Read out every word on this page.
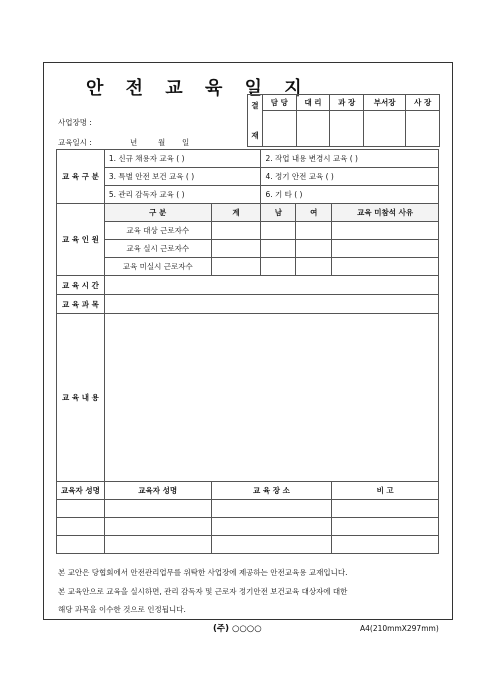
안 전 교 육 일 지
사업장명 :
교육일시 :	년	월 일
결

재	담 당	대 리	과 장	부서장	사 장

교 육 구 분	1. 신규 채용자 교육 ( )		2. 작업 내용 변경시 교육 ( )		
	3. 특별 안전 보건 교육 ( )		4. 정기 안전 교육 ( )		
	5. 관리 감독자 교육 ( )		6. 기 타 ( )		
교 육 인 원	구 분	계	남	여	교육 미참석 사유
	교육 대상 근로자수				
	교육 실시 근로자수				
	교육 미실시 근로자수				
교 육 시 간					
교 육 과 목					
교 육 내 용					
교육자 성명	교육자 성명	교 육 장 소			비 고

본 교안은 당협회에서 안전관리업무를 위탁한 사업장에 제공하는 안전교육용 교재입니다.
본 교육안으로 교육을 실시하면, 관리 감독자 및 근로자 정기안전 보건교육 대상자에 대한
해당 과목을 이수한 것으로 인정됩니다.
(주) ○○○○	A4(210mmX297mm)
